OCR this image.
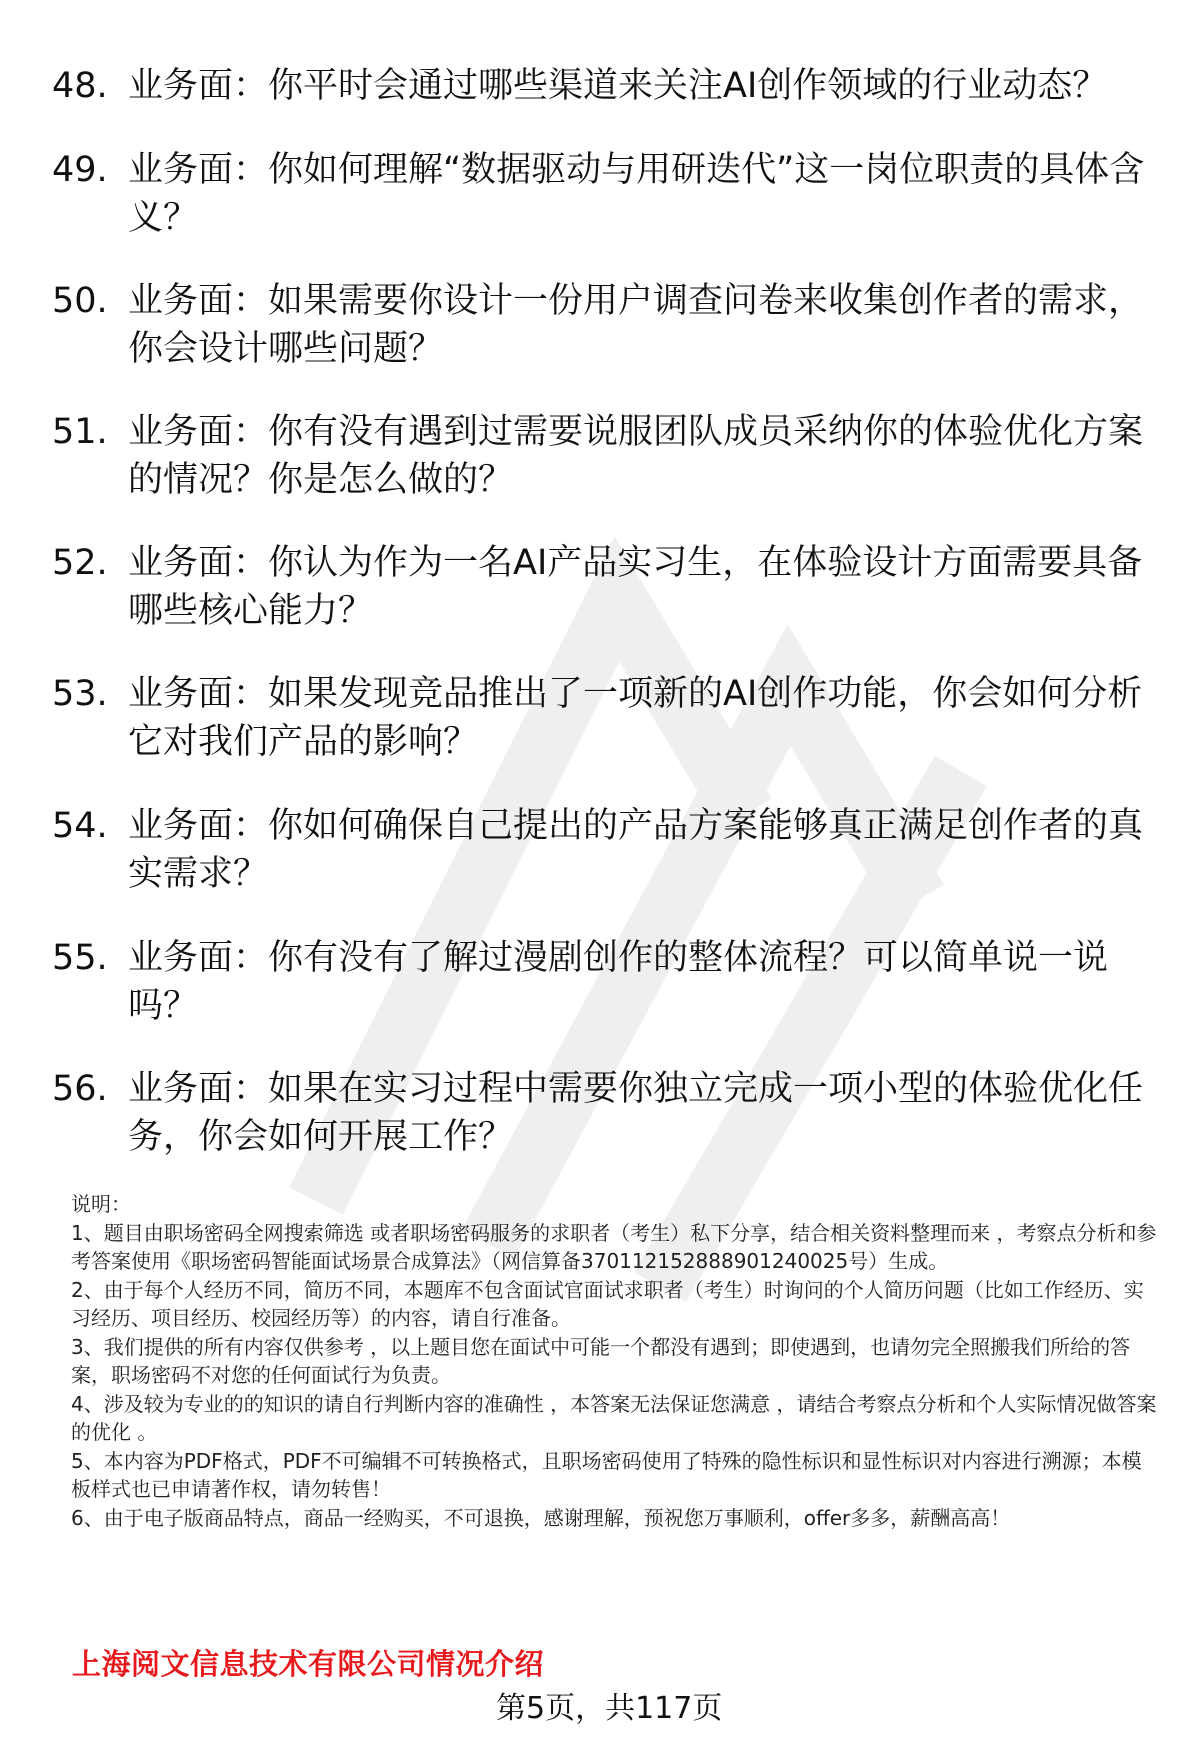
48. 业务面：你平时会通过哪些渠道来关注AI创作领域的行业动态？
49. 业务面：你如何理解“数据驱动与用研迭代”这一岗位职责的具体含义？
50. 业务面：如果需要你设计一份用户调查问卷来收集创作者的需求，你会设计哪些问题？
51. 业务面：你有没有遇到过需要说服团队成员采纳你的体验优化方案的情况？你是怎么做的？
52. 业务面：你认为作为一名AI产品实习生，在体验设计方面需要具备哪些核心能力？
53. 业务面：如果发现竞品推出了一项新的AI创作功能，你会如何分析它对我们产品的影响？
54. 业务面：你如何确保自己提出的产品方案能够真正满足创作者的真实需求？
55. 业务面：你有没有了解过漫剧创作的整体流程？可以简单说一说吗？
56. 业务面：如果在实习过程中需要你独立完成一项小型的体验优化任务，你会如何开展工作？

说明：

1、题目由职场密码全网搜索筛选 或者职场密码服务的求职者（考生）私下分享，结合相关资料整理而来 ，考察点分析和参考答案使用《职场密码智能面试场景合成算法》（网信算备370112152888901240025号）生成。

2、由于每个人经历不同，简历不同，本题库不包含面试官面试求职者（考生）时询问的个人简历问题（比如工作经历、实习经历、项目经历、校园经历等）的内容，请自行准备。

3、我们提供的所有内容仅供参考 ，以上题目您在面试中可能一个都没有遇到；即使遇到，也请勿完全照搬我们所给的答案，职场密码不对您的任何面试行为负责。

4、涉及较为专业的的知识的请自行判断内容的准确性 ，本答案无法保证您满意 ，请结合考察点分析和个人实际情况做答案的优化 。

5、本内容为PDF格式，PDF不可编辑不可转换格式，且职场密码使用了特殊的隐性标识和显性标识对内容进行溯源；本模板样式也已申请著作权，请勿转售！

6、由于电子版商品特点，商品一经购买，不可退换，感谢理解，预祝您万事顺利，offer多多，薪酬高高！

上海阅文信息技术有限公司情况介绍
第5页，共117页
